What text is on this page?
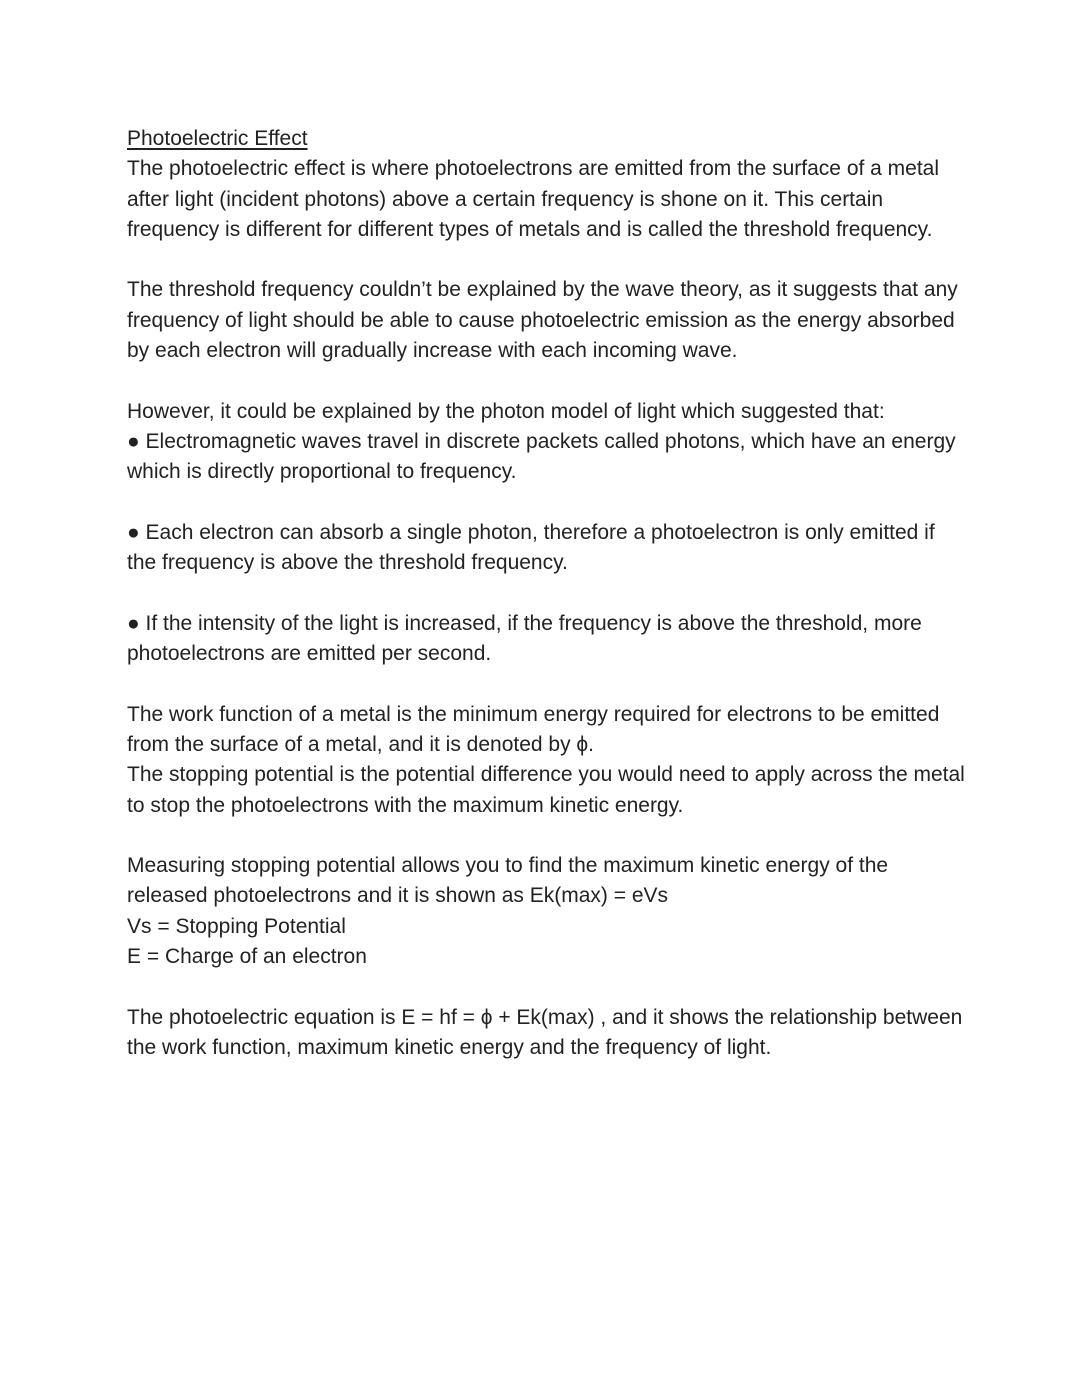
Photoelectric Effect

The photoelectric effect is where photoelectrons are emitted from the surface of a metal after light (incident photons) above a certain frequency is shone on it. This certain frequency is different for different types of metals and is called the threshold frequency.

The threshold frequency couldn’t be explained by the wave theory, as it suggests that any frequency of light should be able to cause photoelectric emission as the energy absorbed by each electron will gradually increase with each incoming wave.

However, it could be explained by the photon model of light which suggested that:

● Electromagnetic waves travel in discrete packets called photons, which have an energy which is directly proportional to frequency.

● Each electron can absorb a single photon, therefore a photoelectron is only emitted if the frequency is above the threshold frequency.

● If the intensity of the light is increased, if the frequency is above the threshold, more photoelectrons are emitted per second.

The work function of a metal is the minimum energy required for electrons to be emitted from the surface of a metal, and it is denoted by ϕ.

The stopping potential is the potential difference you would need to apply across the metal to stop the photoelectrons with the maximum kinetic energy.

Measuring stopping potential allows you to find the maximum kinetic energy of the released photoelectrons and it is shown as Ek(max) = eVs

Vs = Stopping Potential

E = Charge of an electron

The photoelectric equation is E = hf = ϕ + Ek(max) , and it shows the relationship between the work function, maximum kinetic energy and the frequency of light.
